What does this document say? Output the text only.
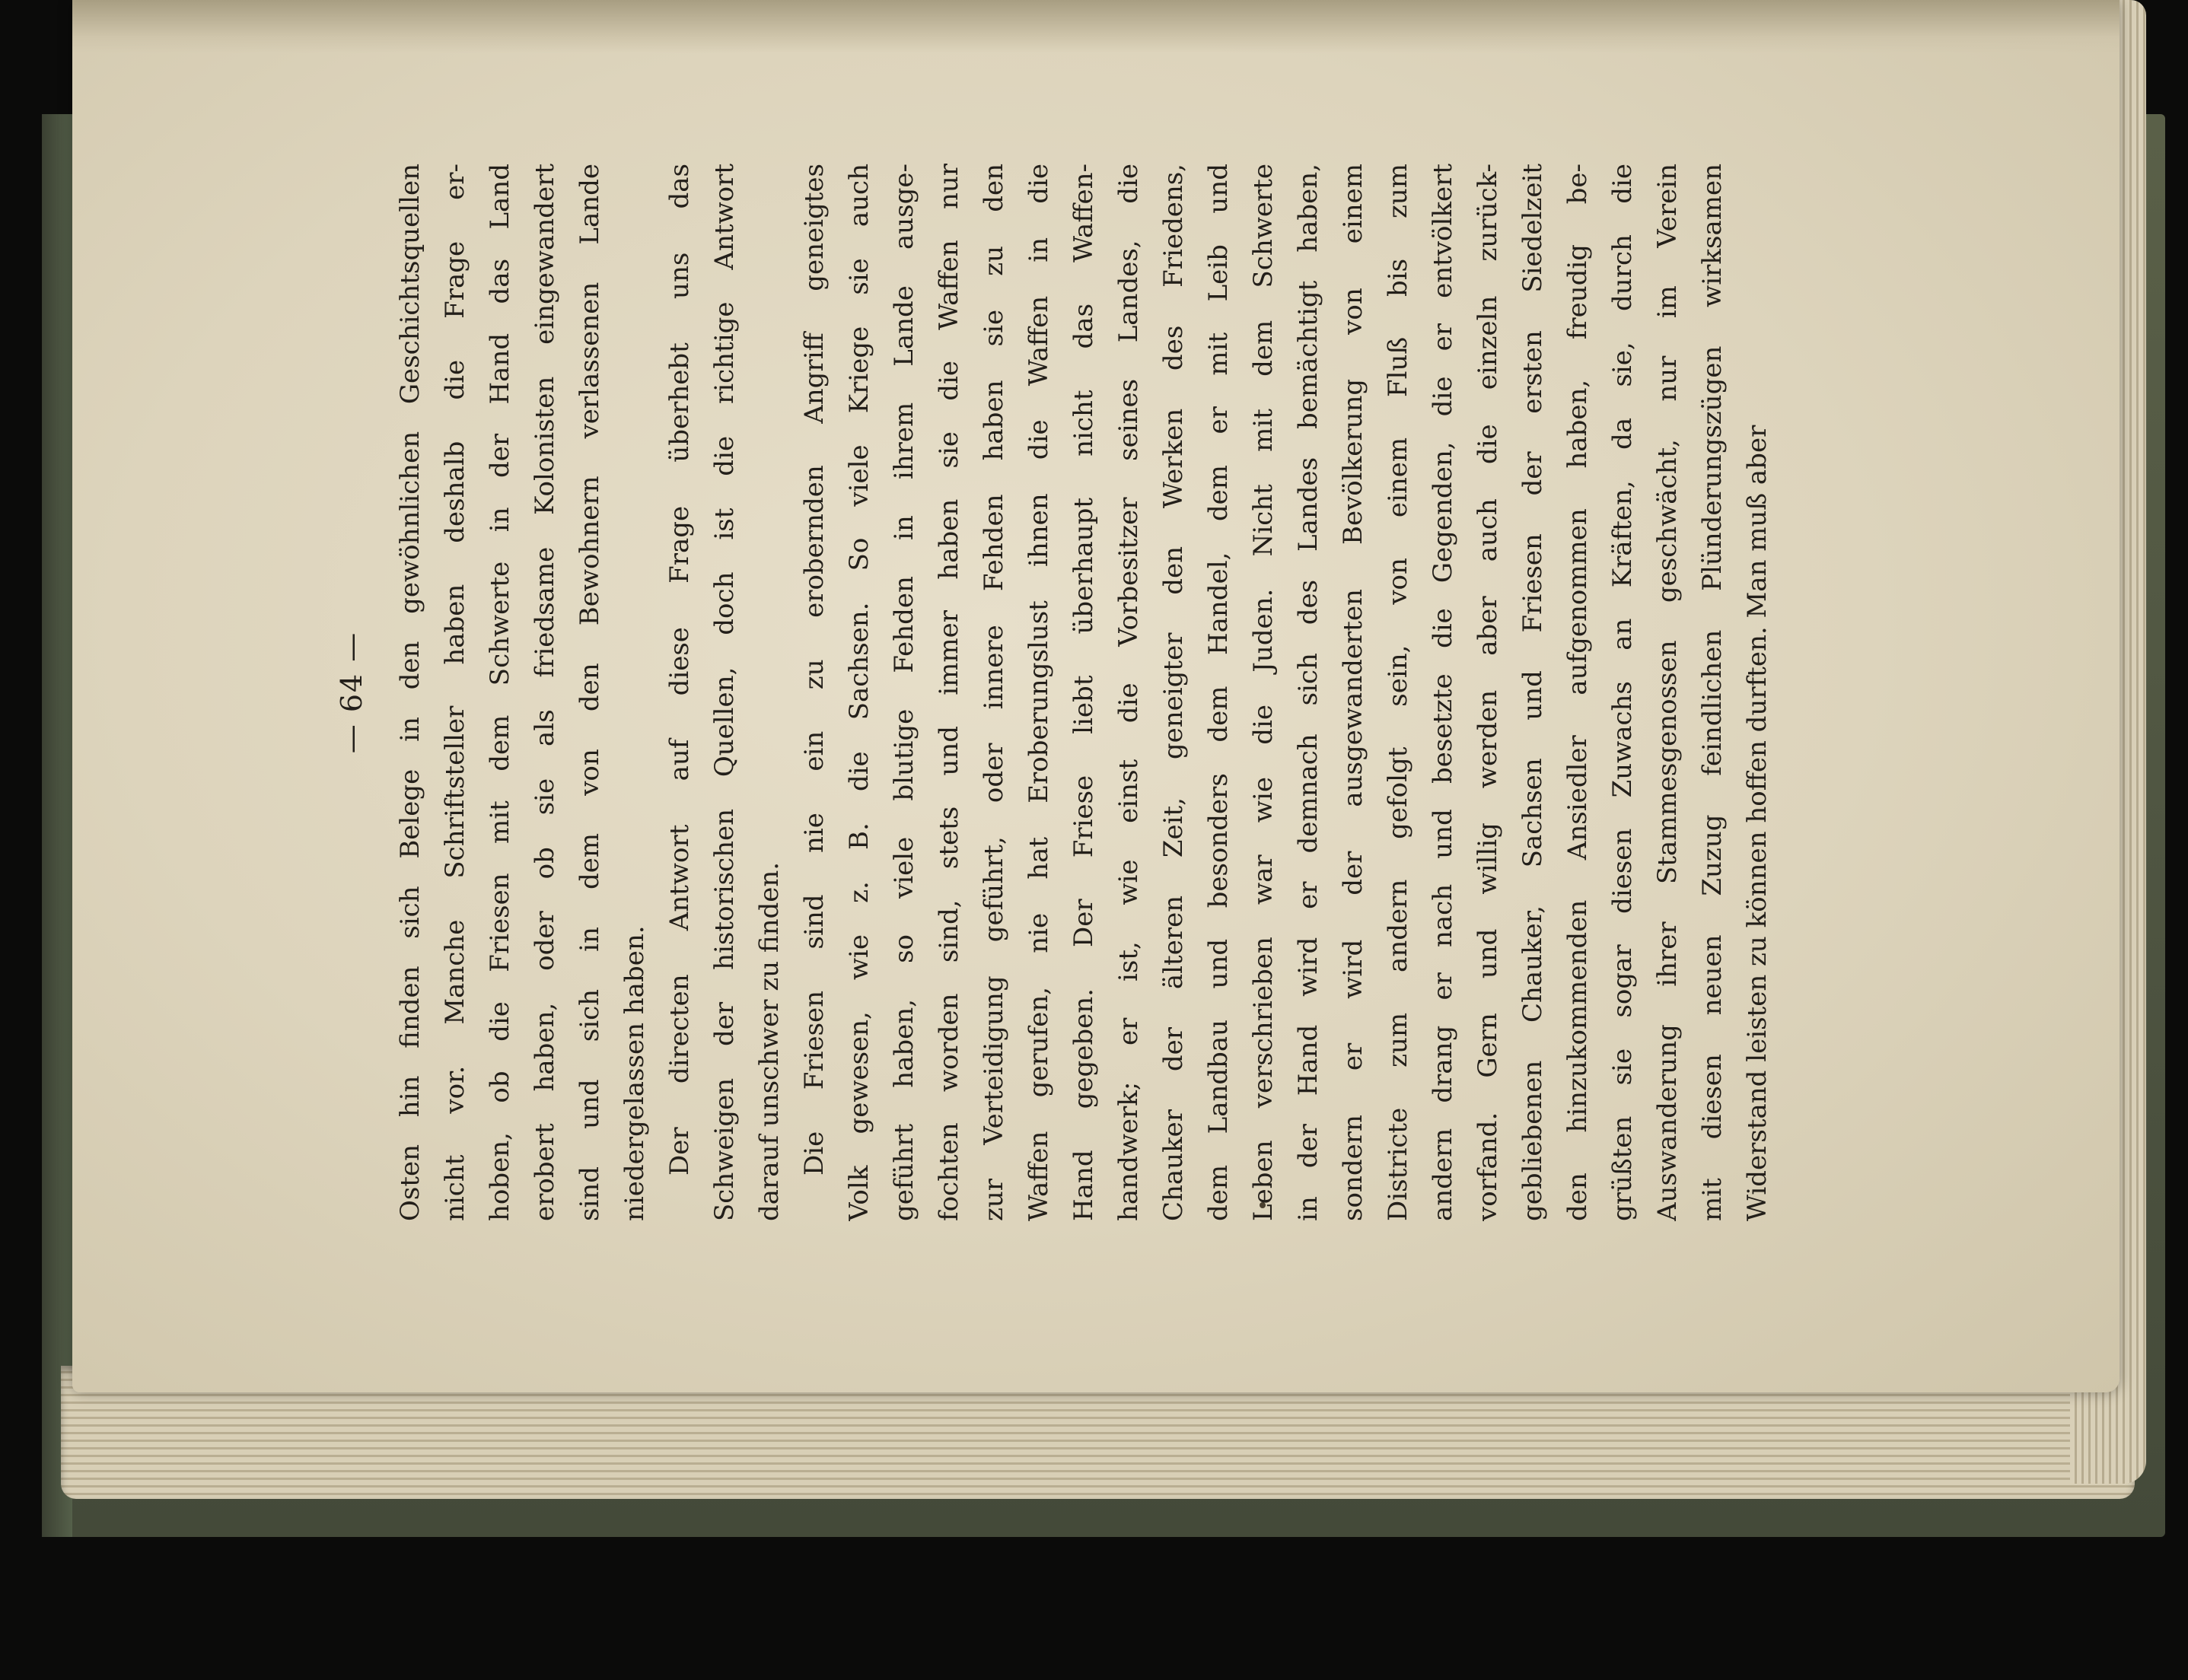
— 64 — Osten hin finden sich Belege in den gewöhnlichen Geschichtsquellen nicht vor. Manche Schriftsteller haben deshalb die Frage er- hoben, ob die Friesen mit dem Schwerte in der Hand das Land erobert haben, oder ob sie als friedsame Kolonisten eingewandert sind und sich in dem von den Bewohnern verlassenen Lande niedergelassen haben. Der directen Antwort auf diese Frage überhebt uns das Schweigen der historischen Quellen, doch ist die richtige Antwort darauf unschwer zu finden. Die Friesen sind nie ein zu erobernden Angriff geneigtes Volk gewesen, wie z. B. die Sachsen. So viele Kriege sie auch geführt haben, so viele blutige Fehden in ihrem Lande ausge- fochten worden sind, stets und immer haben sie die Waffen nur zur Verteidigung geführt, oder innere Fehden haben sie zu den Waffen gerufen, nie hat Eroberungslust ihnen die Waffen in die Hand gegeben. Der Friese liebt überhaupt nicht das Waffen- handwerk; er ist, wie einst die Vorbesitzer seines Landes, die Chauker der älteren Zeit, geneigter den Werken des Friedens, dem Landbau und besonders dem Handel, dem er mit Leib und Leben verschrieben war wie die Juden. Nicht mit dem Schwerte in der Hand wird er demnach sich des Landes bemächtigt haben, sondern er wird der ausgewanderten Bevölkerung von einem Districte zum andern gefolgt sein, von einem Fluß bis zum andern drang er nach und besetzte die Gegenden, die er entvölkert vorfand. Gern und willig werden aber auch die einzeln zurück- gebliebenen Chauker, Sachsen und Friesen der ersten Siedelzeit den hinzukommenden Ansiedler aufgenommen haben, freudig be- grüßten sie sogar diesen Zuwachs an Kräften, da sie, durch die Auswanderung ihrer Stammesgenossen geschwächt, nur im Verein mit diesen neuen Zuzug feindlichen Plünderungszügen wirksamen Widerstand leisten zu können hoffen durften. Man muß aber
